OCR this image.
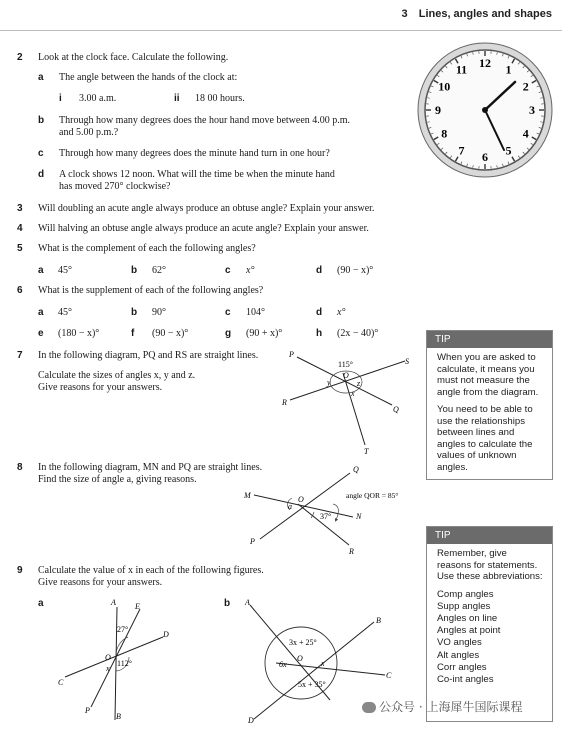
3 Lines, angles and shapes
2 Look at the clock face. Calculate the following.
a The angle between the hands of the clock at:
i 3.00 a.m.	ii 18 00 hours.
b Through how many degrees does the hour hand move between 4.00 p.m.
and 5.00 p.m.?
c Through how many degrees does the minute hand turn in one hour?
d A clock shows 12 noon. What will the time be when the minute hand
has moved 270° clockwise?
12 1
2
3
4
5
6
7
8
9
10
11
3 Will doubling an acute angle always produce an obtuse angle? Explain your answer.
4 Will halving an obtuse angle always produce an acute angle? Explain your answer.
5 What is the complement of each the following angles?
a 45°	b 62°	c x°	d (90 − x)°
6 What is the supplement of each of the following angles?
a 45°	b 90°	c 104°	d x°
e (180 − x)°	f (90 − x)°	g (90 + x)°	h (2x − 40)°
7 In the following diagram, PQ and RS are straight lines.
Calculate the sizes of angles x, y and z.
Give reasons for your answers.
P
S
R
Q
T
O
115°
y	z
x
8 In the following diagram, MN and PQ are straight lines.
Find the size of angle a, giving reasons.
M
N
Q
P
R
O
a
37°
angle QOR = 85°
9 Calculate the value of x in each of the following figures.
Give reasons for your answers.
a	A E
D
O
C
P
B
27°
112°
x
b A
B
C
D
O
3x + 25°
6x	x
5x + 35°
TIP

When you are asked to calculate, it means you must not measure the angle from the diagram.

You need to be able to use the relationships between lines and angles to calculate the values of unknown angles.

TIP

Remember, give reasons for statements. Use these abbreviations:

Comp angles
Supp angles
Angles on line
Angles at point
VO angles
Alt angles
Corr angles
Co-int angles
公众号 · 上海犀牛国际课程
